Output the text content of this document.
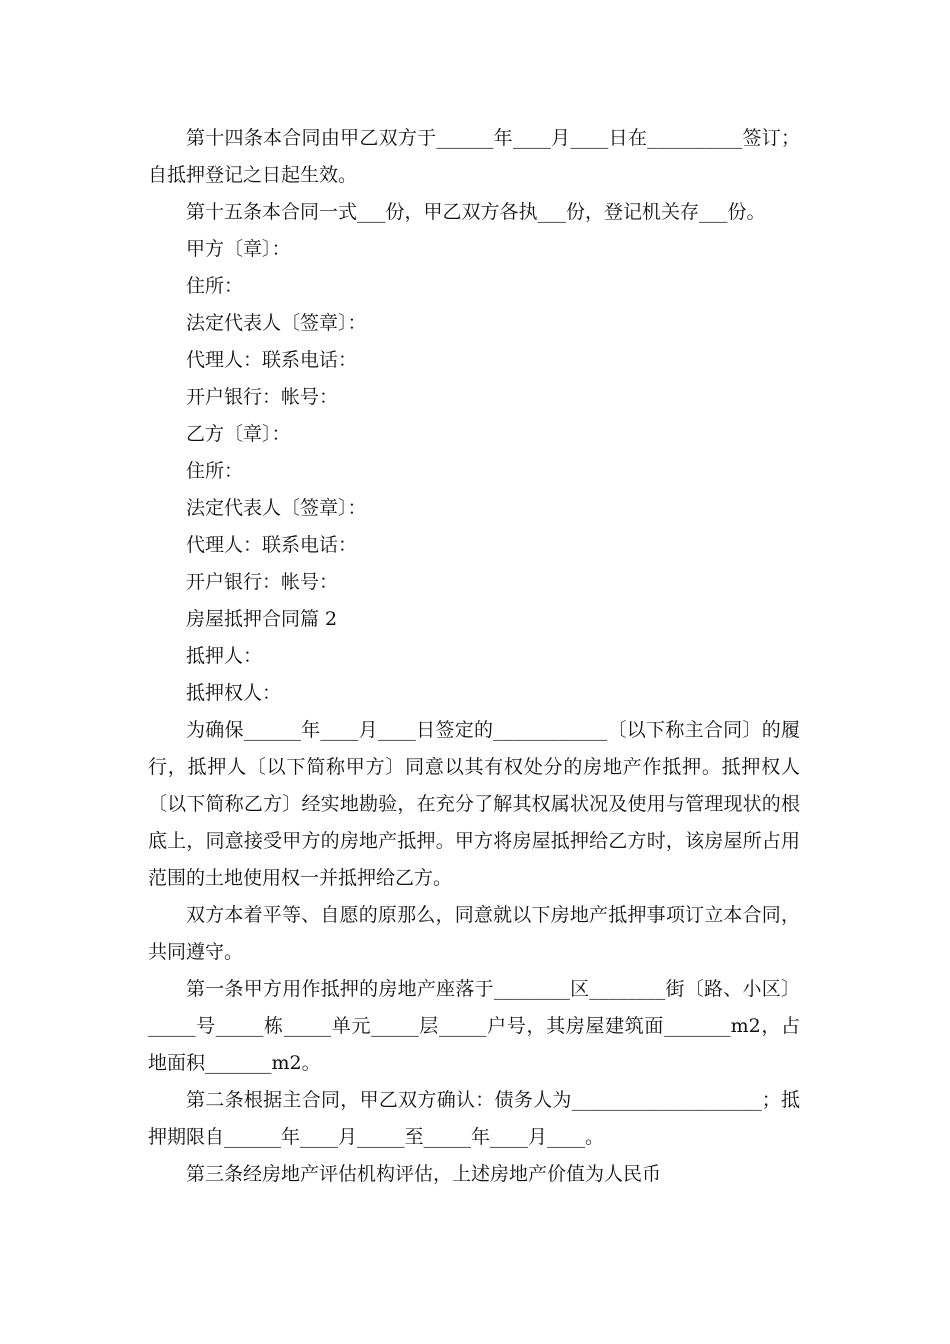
第十四条本合同由甲乙双方于______年____月____日在__________签订；自抵押登记之日起生效。

第十五条本合同一式___份，甲乙双方各执___份，登记机关存___份。

甲方〔章〕：

住所：

法定代表人〔签章〕：

代理人：联系电话：

开户银行：帐号：

乙方〔章〕：

住所：

法定代表人〔签章〕：

代理人：联系电话：

开户银行：帐号：

房屋抵押合同篇 2

抵押人：

抵押权人：

为确保______年____月____日签定的____________〔以下称主合同〕的履行，抵押人〔以下简称甲方〕同意以其有权处分的房地产作抵押。抵押权人〔以下简称乙方〕经实地勘验，在充分了解其权属状况及使用与管理现状的根底上，同意接受甲方的房地产抵押。甲方将房屋抵押给乙方时，该房屋所占用范围的土地使用权一并抵押给乙方。

双方本着平等、自愿的原那么，同意就以下房地产抵押事项订立本合同，共同遵守。

第一条甲方用作抵押的房地产座落于________区________街〔路、小区〕_____号_____栋_____单元_____层_____户号，其房屋建筑面_______m2，占地面积_______m2。

第二条根据主合同，甲乙双方确认：债务人为____________________；抵押期限自______年____月_____至_____年____月____。

第三条经房地产评估机构评估，上述房地产价值为人民币
